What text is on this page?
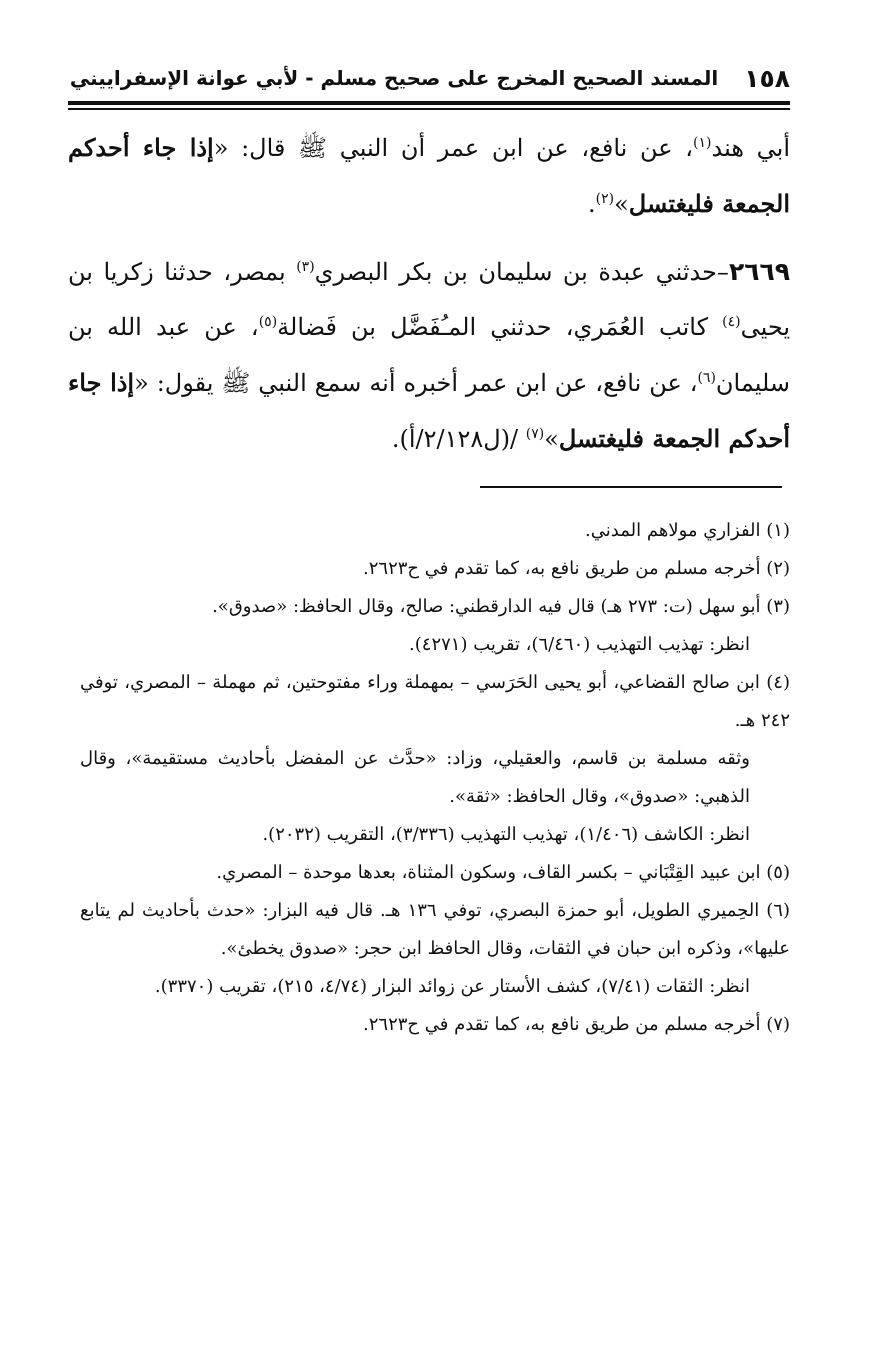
١٥٨
المسند الصحيح المخرج على صحيح مسلم - لأبي عوانة الإسفراييني

أبي هند$^{(١)}$، عن نافع، عن ابن عمر أن النبي ﷺ قال: «إذا جاء أحدكم الجمعة فليغتسل»$^{(٢)}$.

٢٦٦٩–حدثني عبدة بن سليمان بن بكر البصري$^{(٣)}$ بمصر، حدثنا زكريا بن يحيى$^{(٤)}$ كاتب العُمَري، حدثني المـُفَضَّل بن فَضالة$^{(٥)}$، عن عبد الله بن سليمان$^{(٦)}$، عن نافع، عن ابن عمر أخبره أنه سمع النبي ﷺ يقول: «إذا جاء أحدكم الجمعة فليغتسل»$^{(٧)}$ /(ل٢/١٢٨/أ).

(١) الفزاري مولاهم المدني.

(٢) أخرجه مسلم من طريق نافع به، كما تقدم في ح٢٦٢٣.

(٣) أبو سهل (ت: ٢٧٣ هـ) قال فيه الدارقطني: صالح، وقال الحافظ: «صدوق».

انظر: تهذيب التهذيب (٦/٤٦٠)، تقريب (٤٢٧١).

(٤) ابن صالح القضاعي، أبو يحيى الحَرَسي – بمهملة وراء مفتوحتين، ثم مهملة – المصري، توفي ٢٤٢ هـ.

وثقه مسلمة بن قاسم، والعقيلي، وزاد: «حدَّث عن المفضل بأحاديث مستقيمة»، وقال الذهبي: «صدوق»، وقال الحافظ: «ثقة».

انظر: الكاشف (١/٤٠٦)، تهذيب التهذيب (٣/٣٣٦)، التقريب (٢٠٣٢).

(٥) ابن عبيد القِتْبَاني – بكسر القاف، وسكون المثناة، بعدها موحدة – المصري.

(٦) الحِميري الطويل، أبو حمزة البصري، توفي ١٣٦ هـ. قال فيه البزار: «حدث بأحاديث لم يتابع عليها»، وذكره ابن حبان في الثقات، وقال الحافظ ابن حجر: «صدوق يخطئ».

انظر: الثقات (٧/٤١)، كشف الأستار عن زوائد البزار (٤/٧٤، ٢١٥)، تقريب (٣٣٧٠).

(٧) أخرجه مسلم من طريق نافع به، كما تقدم في ح٢٦٢٣.
